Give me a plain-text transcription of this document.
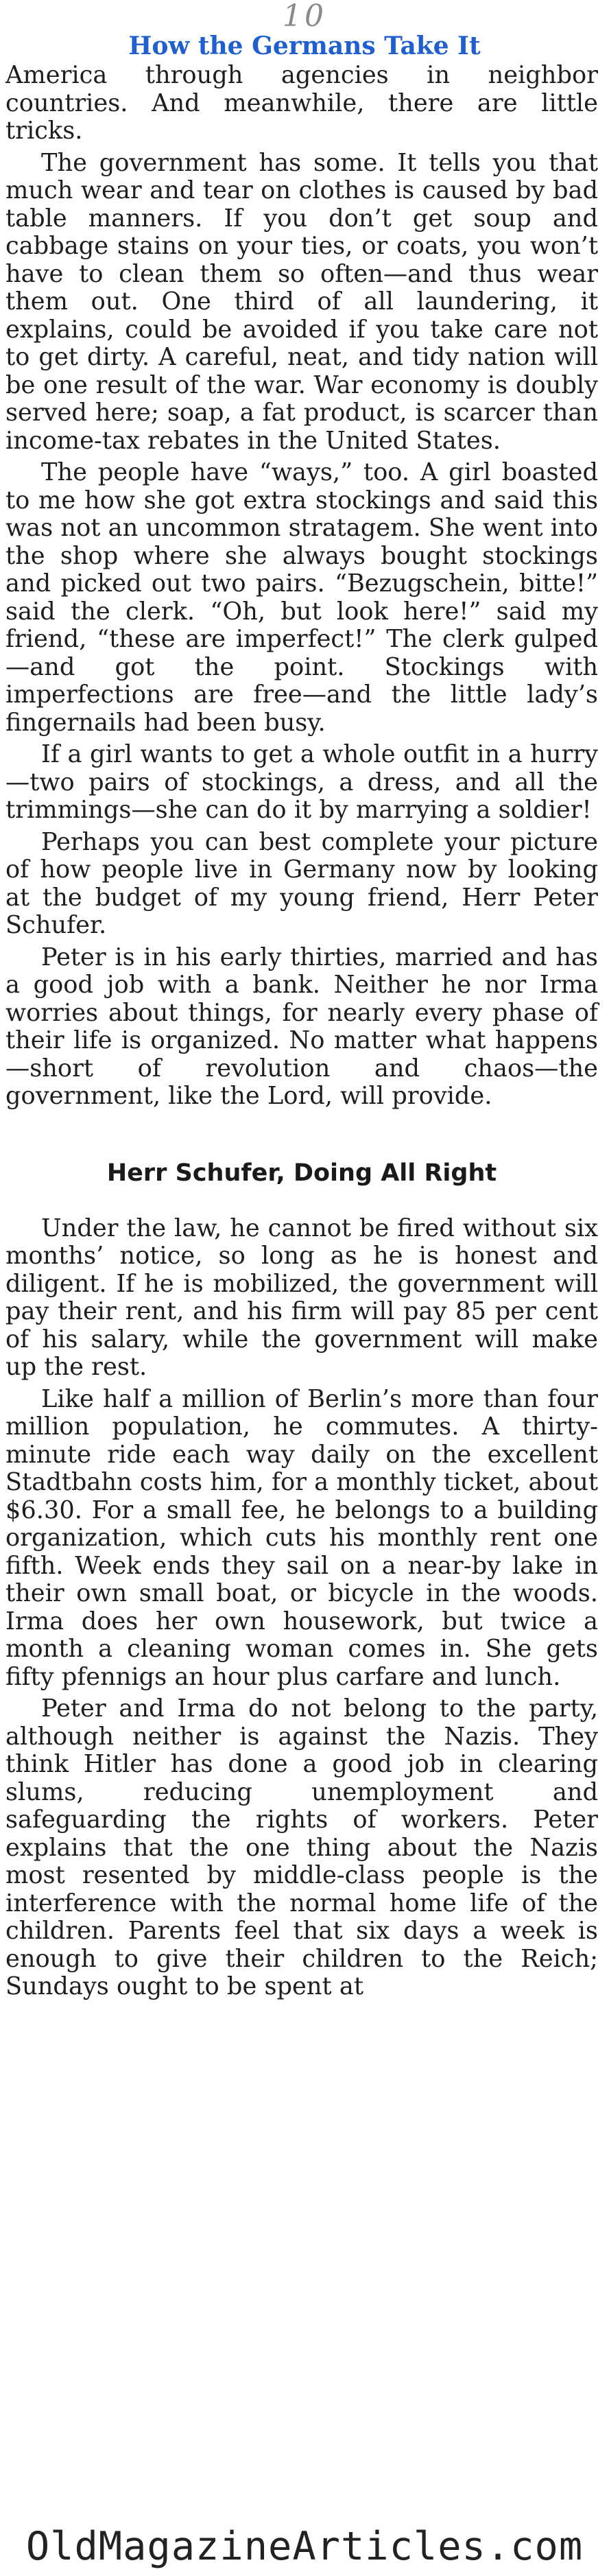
10
How the Germans Take It

America through agencies in neighbor countries. And meanwhile, there are little tricks.

The government has some. It tells you that much wear and tear on clothes is caused by bad table manners. If you don’t get soup and cabbage stains on your ties, or coats, you won’t have to clean them so often—and thus wear them out. One third of all laundering, it explains, could be avoided if you take care not to get dirty. A careful, neat, and tidy nation will be one result of the war. War economy is doubly served here; soap, a fat product, is scarcer than income-tax rebates in the United States.

The people have “ways,” too. A girl boasted to me how she got extra stockings and said this was not an uncommon stratagem. She went into the shop where she always bought stockings and picked out two pairs. “Bezugschein, bitte!” said the clerk. “Oh, but look here!” said my friend, “these are imperfect!” The clerk gulped—and got the point. Stockings with imperfections are free—and the little lady’s fingernails had been busy.

If a girl wants to get a whole outfit in a hurry—two pairs of stockings, a dress, and all the trimmings—she can do it by marrying a soldier!

Perhaps you can best complete your picture of how people live in Germany now by looking at the budget of my young friend, Herr Peter Schufer.

Peter is in his early thirties, married and has a good job with a bank. Neither he nor Irma worries about things, for nearly every phase of their life is organized. No matter what happens—short of revolution and chaos—the government, like the Lord, will provide.

Herr Schufer, Doing All Right

Under the law, he cannot be fired without six months’ notice, so long as he is honest and diligent. If he is mobilized, the government will pay their rent, and his firm will pay 85 per cent of his salary, while the government will make up the rest.

Like half a million of Berlin’s more than four million population, he commutes. A thirty-minute ride each way daily on the excellent Stadtbahn costs him, for a monthly ticket, about $6.30. For a small fee, he belongs to a building organization, which cuts his monthly rent one fifth. Week ends they sail on a near-by lake in their own small boat, or bicycle in the woods. Irma does her own housework, but twice a month a cleaning woman comes in. She gets fifty pfennigs an hour plus carfare and lunch.

Peter and Irma do not belong to the party, although neither is against the Nazis. They think Hitler has done a good job in clearing slums, reducing unemployment and safeguarding the rights of workers. Peter explains that the one thing about the Nazis most resented by middle-class people is the interference with the normal home life of the children. Parents feel that six days a week is enough to give their children to the Reich; Sundays ought to be spent at

OldMagazineArticles.com
